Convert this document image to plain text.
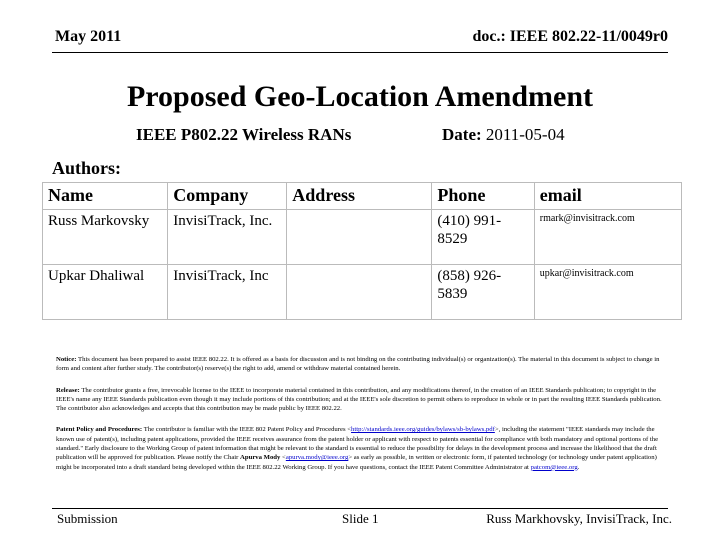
May 2011	doc.: IEEE 802.22-11/0049r0
Proposed Geo-Location Amendment
IEEE P802.22 Wireless RANs	Date: 2011-05-04
Authors:
Name	Company	Address	Phone	email
Russ Markovsky	InvisiTrack, Inc.		(410) 991-8529	rmark@invisitrack.com
Upkar Dhaliwal	InvisiTrack, Inc		(858) 926-5839	upkar@invisitrack.com

Notice: This document has been prepared to assist IEEE 802.22. It is offered as a basis for discussion and is not binding on the contributing individual(s) or organization(s). The material in this document is subject to change in form and content after further study. The contributor(s) reserve(s) the right to add, amend or withdraw material contained herein.

Release: The contributor grants a free, irrevocable license to the IEEE to incorporate material contained in this contribution, and any modifications thereof, in the creation of an IEEE Standards publication; to copyright in the IEEE's name any IEEE Standards publication even though it may include portions of this contribution; and at the IEEE's sole discretion to permit others to reproduce in whole or in part the resulting IEEE Standards publication. The contributor also acknowledges and accepts that this contribution may be made public by IEEE 802.22.

Patent Policy and Procedures: The contributor is familiar with the IEEE 802 Patent Policy and Procedures <http://standards.ieee.org/guides/bylaws/sb-bylaws.pdf>, including the statement "IEEE standards may include the known use of patent(s), including patent applications, provided the IEEE receives assurance from the patent holder or applicant with respect to patents essential for compliance with both mandatory and optional portions of the standard." Early disclosure to the Working Group of patent information that might be relevant to the standard is essential to reduce the possibility for delays in the development process and increase the likelihood that the draft publication will be approved for publication. Please notify the Chair Apurva Mody <apurva.mody@ieee.org> as early as possible, in written or electronic form, if patented technology (or technology under patent application) might be incorporated into a draft standard being developed within the IEEE 802.22 Working Group. If you have questions, contact the IEEE Patent Committee Administrator at patcom@ieee.org.

Submission	Slide 1	Russ Markhovsky, InvisiTrack, Inc.
